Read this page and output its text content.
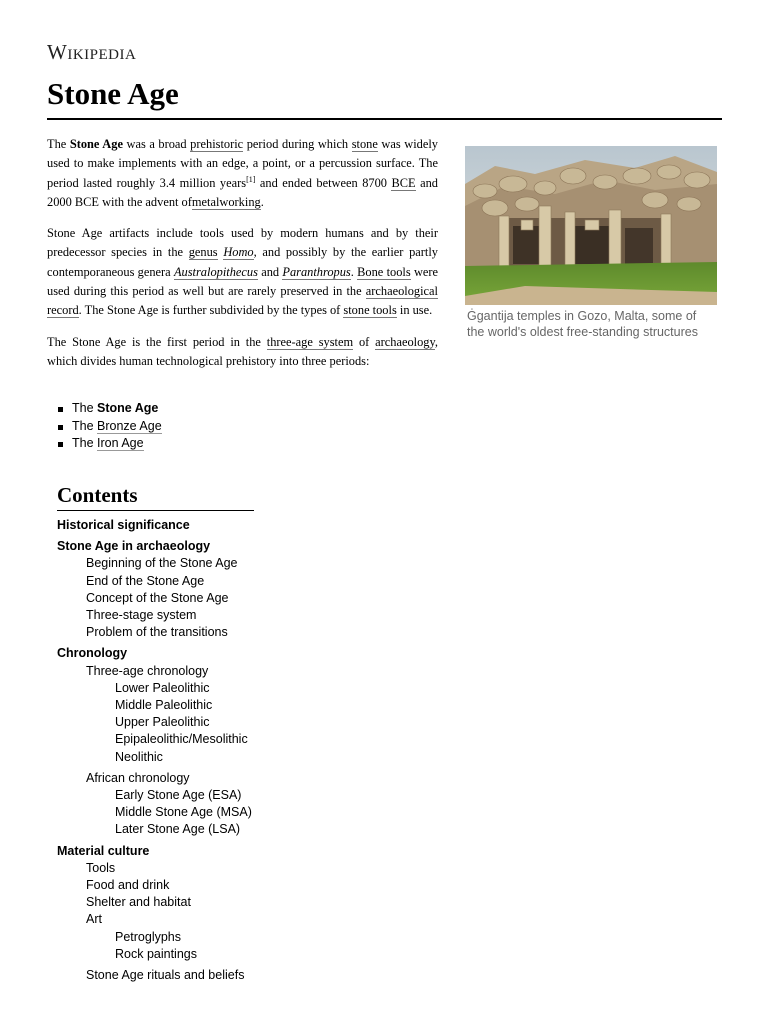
Wikipedia
Stone Age

The Stone Age was a broad prehistoric period during which stone was widely used to make implements with an edge, a point, or a percussion surface. The period lasted roughly 3.4 million years[1] and ended between 8700 BCE and 2000 BCE with the advent ofmetalworking.

Stone Age artifacts include tools used by modern humans and by their predecessor species in the genus Homo, and possibly by the earlier partly contemporaneous genera Australopithecus and Paranthropus. Bone tools were used during this period as well but are rarely preserved in the archaeological record. The Stone Age is further subdivided by the types of stone tools in use.

The Stone Age is the first period in the three-age system of archaeology, which divides human technological prehistory into three periods:

Ġgantija temples in Gozo, Malta, some of the world's oldest free-standing structures
The Stone Age
The Bronze Age
The Iron Age
Contents
Historical significance
Stone Age in archaeology
Beginning of the Stone Age
End of the Stone Age
Concept of the Stone Age
Three-stage system
Problem of the transitions
Chronology
Three-age chronology
Lower Paleolithic
Middle Paleolithic
Upper Paleolithic
Epipaleolithic/Mesolithic
Neolithic
African chronology
Early Stone Age (ESA)
Middle Stone Age (MSA)
Later Stone Age (LSA)
Material culture
Tools
Food and drink
Shelter and habitat
Art
Petroglyphs
Rock paintings
Stone Age rituals and beliefs
